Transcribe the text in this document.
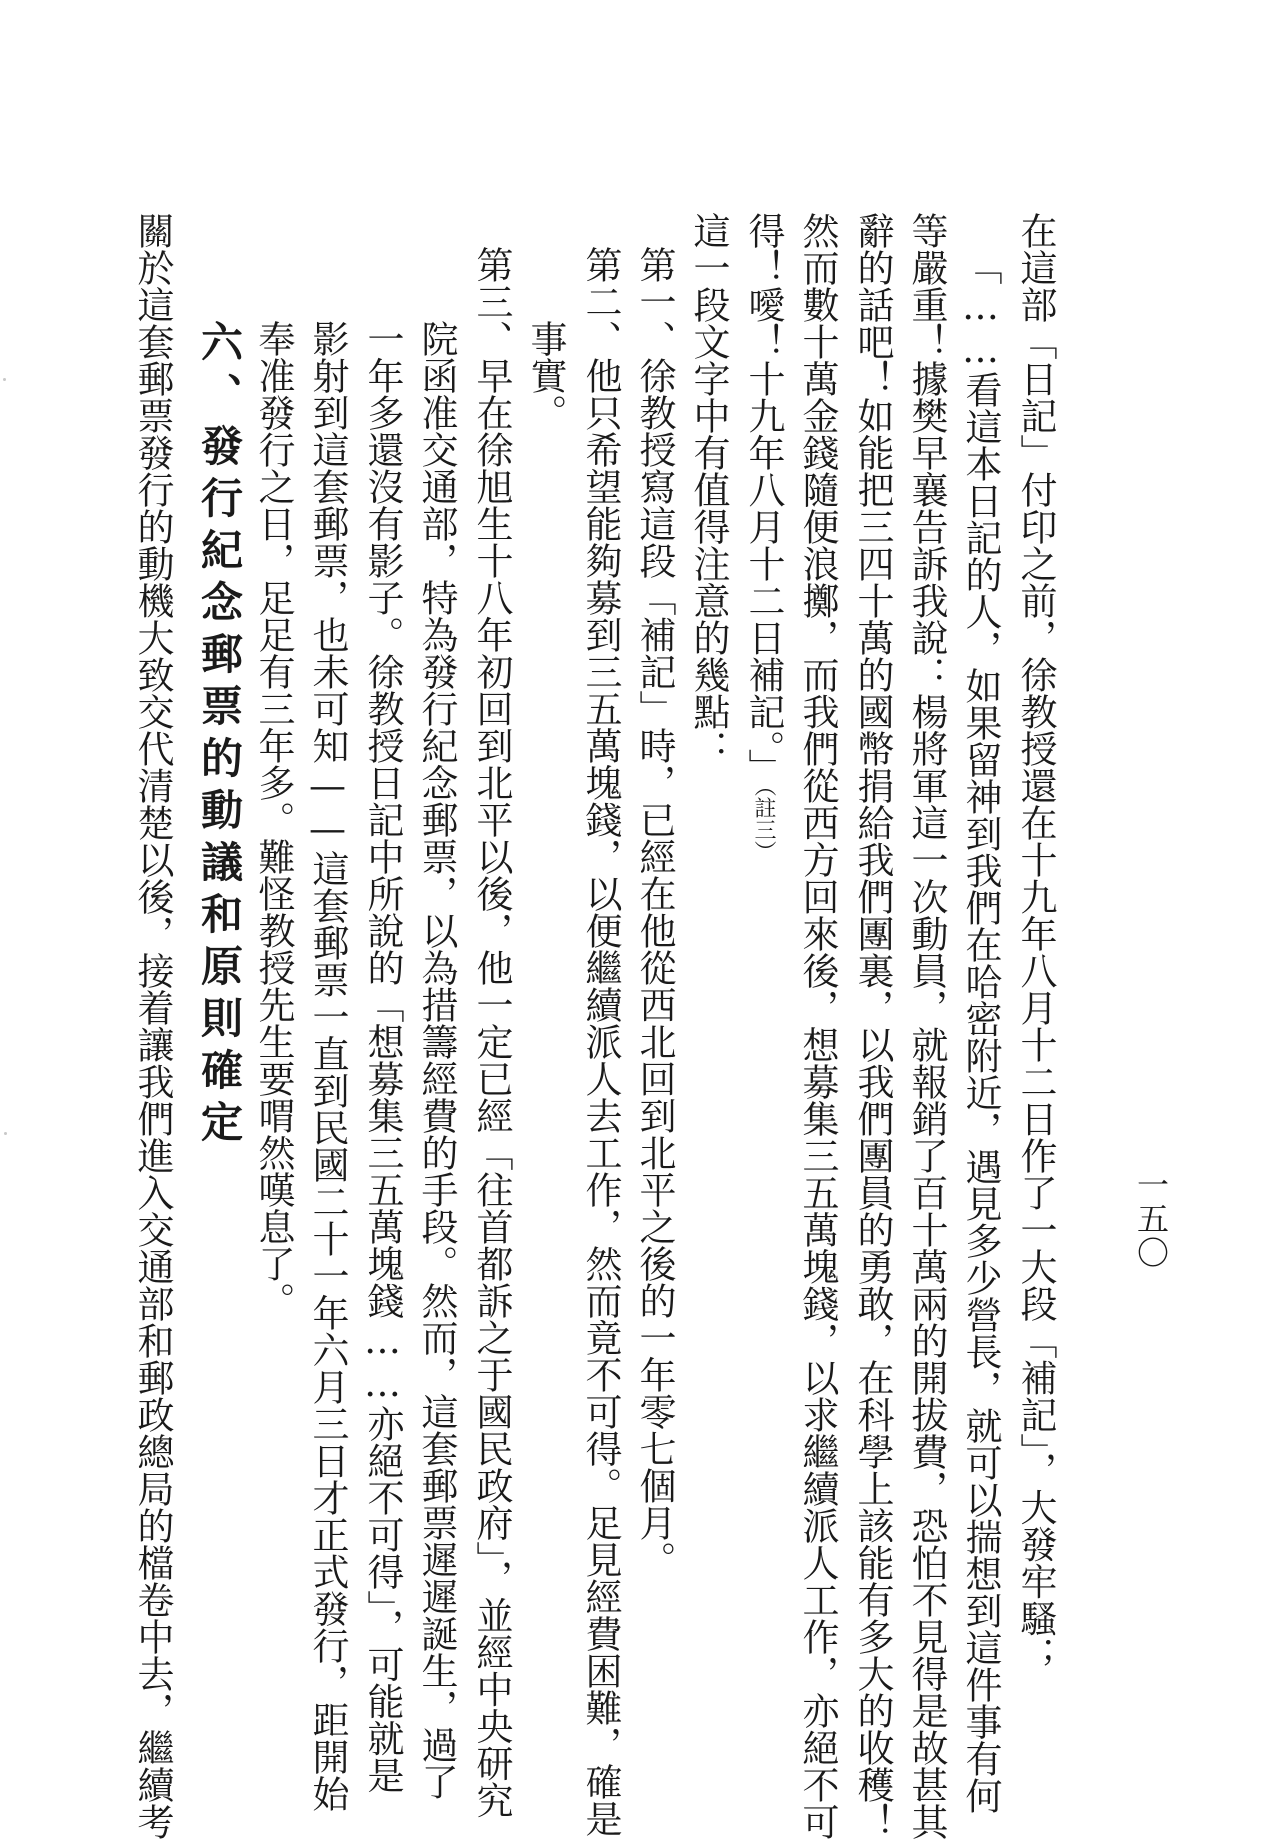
一五〇
在這部「日記」付印之前，徐教授還在十九年八月十二日作了一大段「補記」，大發牢騷；
「……看這本日記的人，如果留神到我們在哈密附近，遇見多少營長，就可以揣想到這件事有何
等嚴重！據樊早襄告訴我說：楊將軍這一次動員，就報銷了百十萬兩的開拔費，恐怕不見得是故甚其
辭的話吧！如能把三四十萬的國幣捐給我們團裏，以我們團員的勇敢，在科學上該能有多大的收穫！
然而數十萬金錢隨便浪擲，而我們從西方回來後，想募集三五萬塊錢，以求繼續派人工作，亦絕不可
得！噯！十九年八月十二日補記。」（註三）
這一段文字中有值得注意的幾點：
第一、徐教授寫這段「補記」時，已經在他從西北回到北平之後的一年零七個月。
第二、他只希望能夠募到三五萬塊錢，以便繼續派人去工作，然而竟不可得。足見經費困難，確是
事實。
第三、早在徐旭生十八年初回到北平以後，他一定已經「往首都訴之于國民政府」，並經中央研究
院函准交通部，特為發行紀念郵票，以為措籌經費的手段。然而，這套郵票遲遲誕生，過了
一年多還沒有影子。徐教授日記中所說的「想募集三五萬塊錢……亦絕不可得」，可能就是
影射到這套郵票，也未可知——這套郵票一直到民國二十一年六月三日才正式發行，距開始
奉准發行之日，足足有三年多。難怪教授先生要喟然嘆息了。
六、發行紀念郵票的動議和原則確定
關於這套郵票發行的動機大致交代清楚以後，接着讓我們進入交通部和郵政總局的檔卷中去，繼續考
